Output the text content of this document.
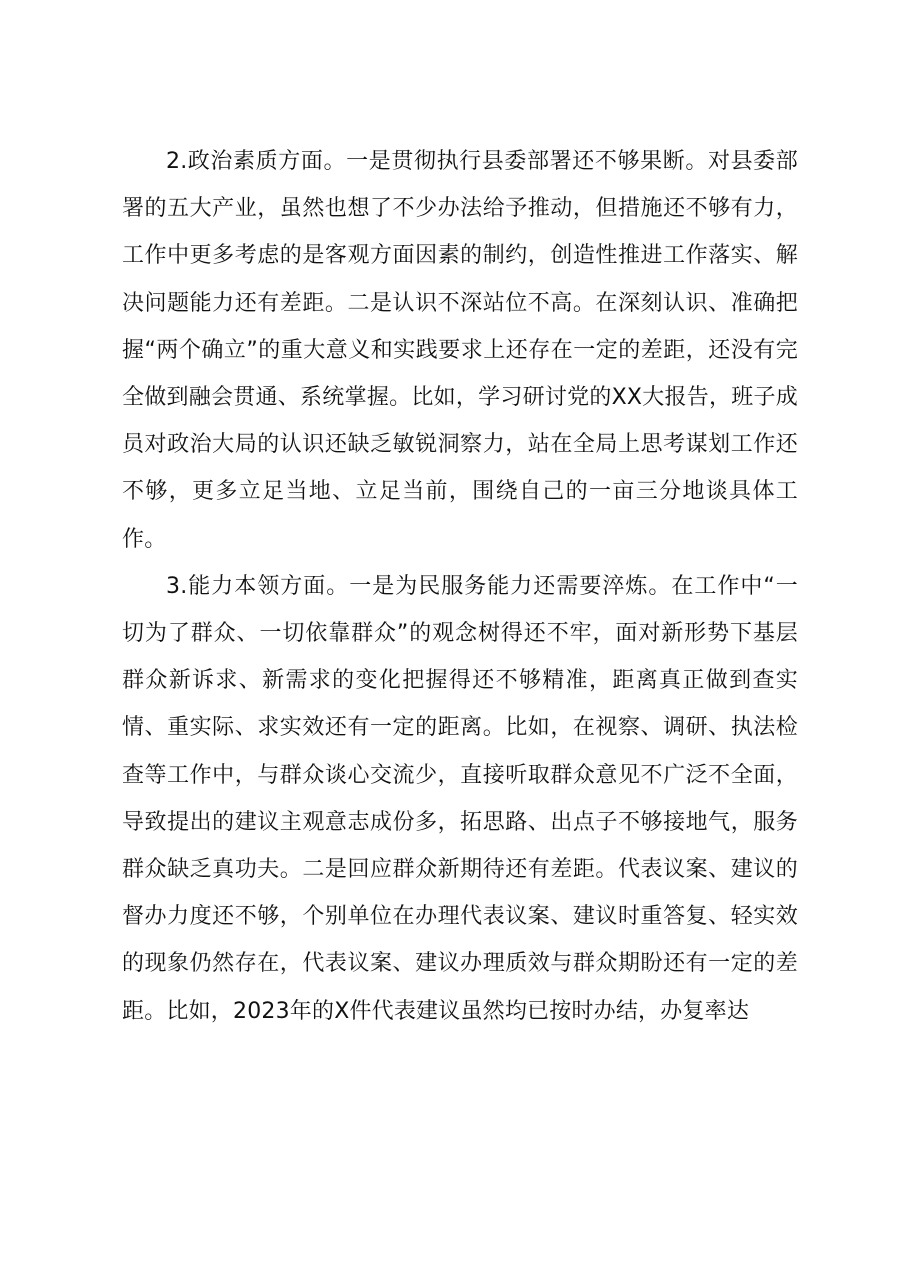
2.政治素质方面。一是贯彻执行县委部署还不够果断。对县委部署的五大产业，虽然也想了不少办法给予推动，但措施还不够有力，工作中更多考虑的是客观方面因素的制约，创造性推进工作落实、解决问题能力还有差距。二是认识不深站位不高。在深刻认识、准确把握“两个确立”的重大意义和实践要求上还存在一定的差距，还没有完全做到融会贯通、系统掌握。比如，学习研讨党的XX大报告，班子成员对政治大局的认识还缺乏敏锐洞察力，站在全局上思考谋划工作还不够，更多立足当地、立足当前，围绕自己的一亩三分地谈具体工作。

3.能力本领方面。一是为民服务能力还需要淬炼。在工作中“一切为了群众、一切依靠群众”的观念树得还不牢，面对新形势下基层群众新诉求、新需求的变化把握得还不够精准，距离真正做到查实情、重实际、求实效还有一定的距离。比如，在视察、调研、执法检查等工作中，与群众谈心交流少，直接听取群众意见不广泛不全面，导致提出的建议主观意志成份多，拓思路、出点子不够接地气，服务群众缺乏真功夫。二是回应群众新期待还有差距。代表议案、建议的督办力度还不够，个别单位在办理代表议案、建议时重答复、轻实效的现象仍然存在，代表议案、建议办理质效与群众期盼还有一定的差距。比如，2023年的X件代表建议虽然均已按时办结，办复率达
